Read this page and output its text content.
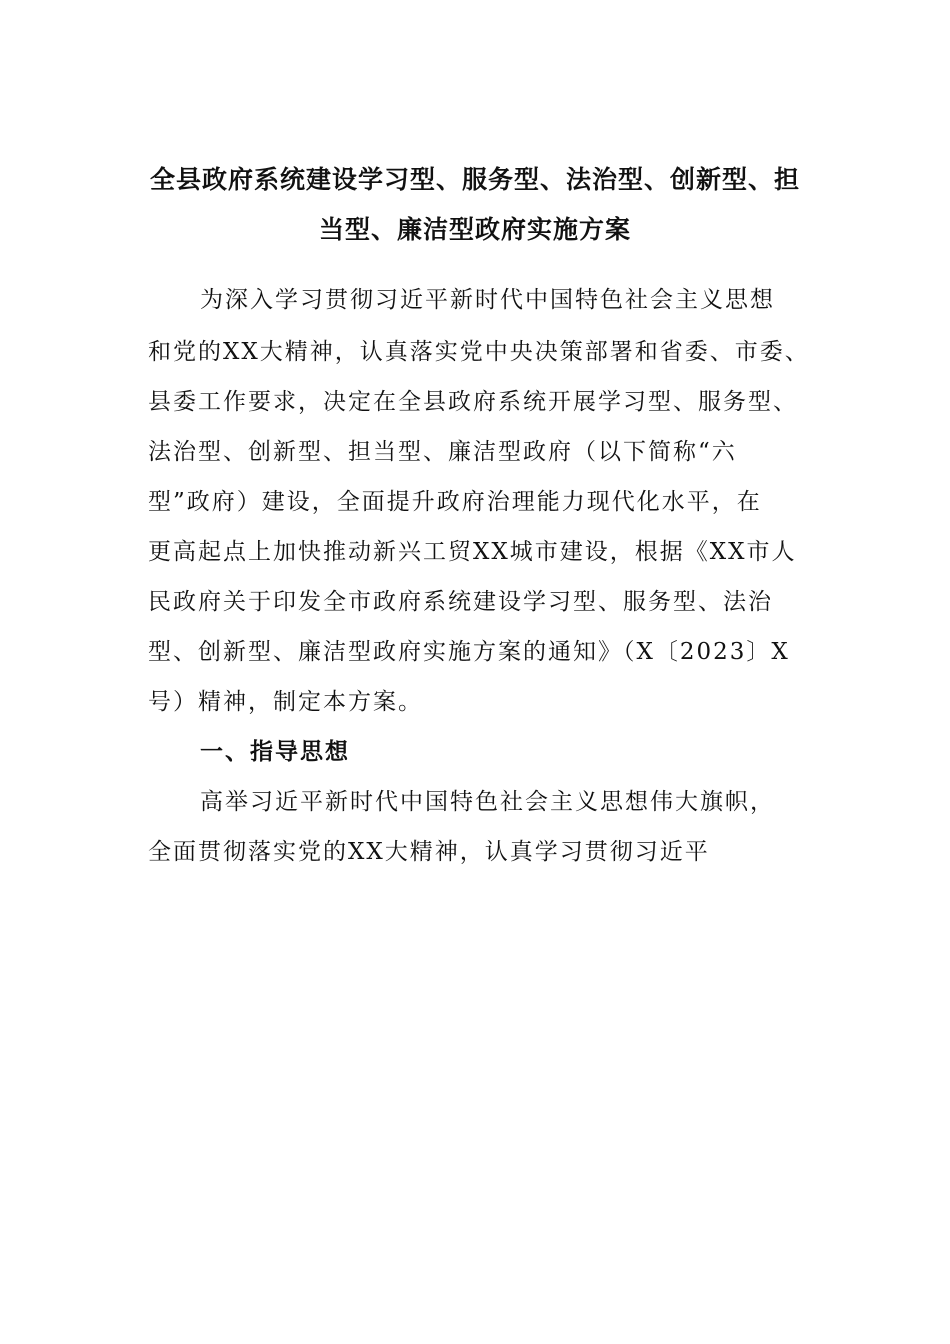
全县政府系统建设学习型、服务型、法治型、创新型、担
当型、廉洁型政府实施方案
为深入学习贯彻习近平新时代中国特色社会主义思想
和党的XX大精神，认真落实党中央决策部署和省委、市委、
县委工作要求，决定在全县政府系统开展学习型、服务型、
法治型、创新型、担当型、廉洁型政府（以下简称“六
型”政府）建设，全面提升政府治理能力现代化水平，在
更高起点上加快推动新兴工贸XX城市建设，根据《XX市人
民政府关于印发全市政府系统建设学习型、服务型、法治
型、创新型、廉洁型政府实施方案的通知》（X〔2023〕X
号）精神，制定本方案。
一、指导思想
高举习近平新时代中国特色社会主义思想伟大旗帜，
全面贯彻落实党的XX大精神，认真学习贯彻习近平
